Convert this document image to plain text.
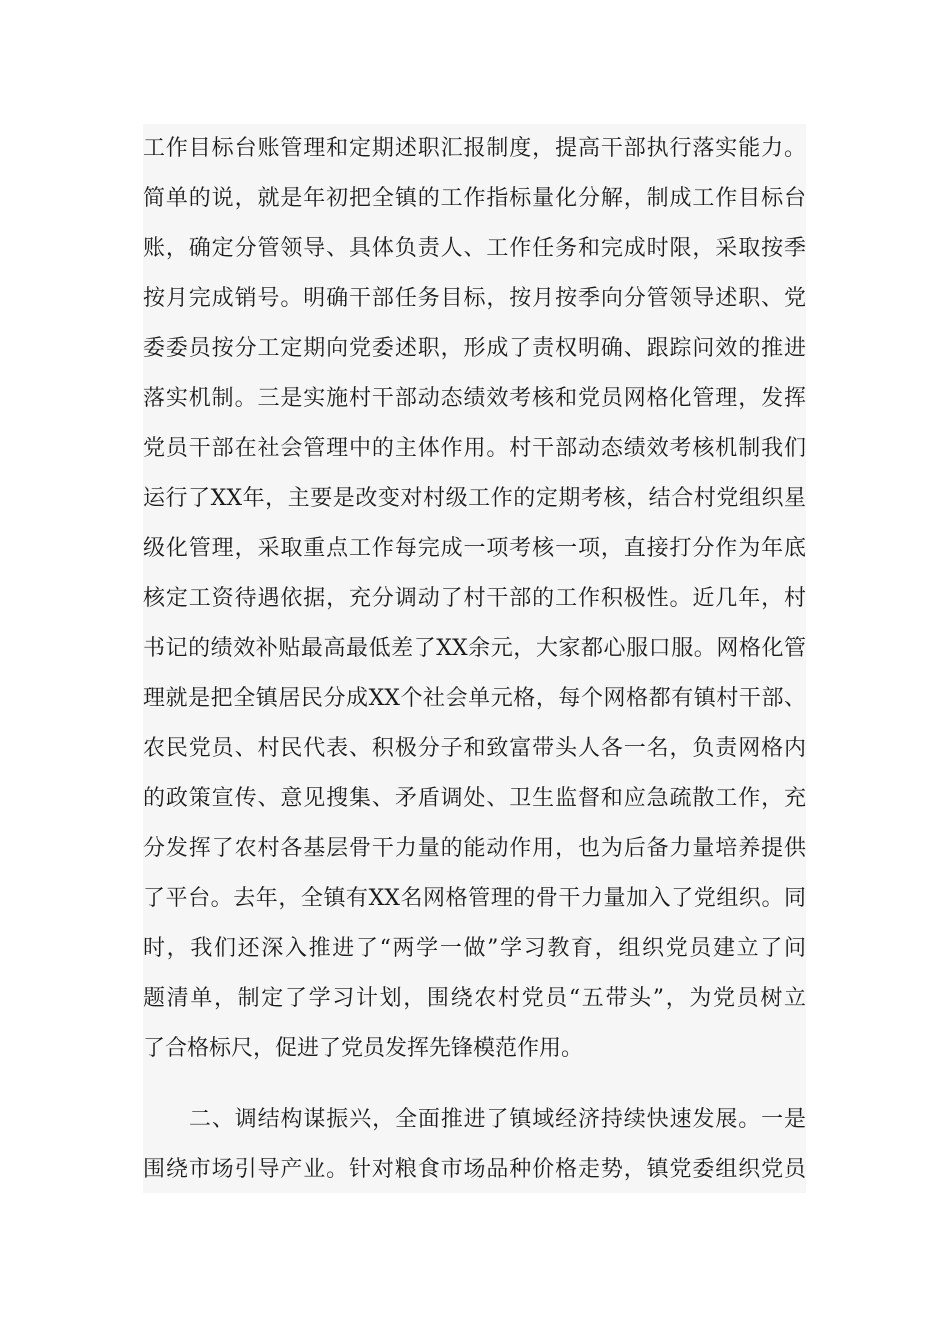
工作目标台账管理和定期述职汇报制度，提高干部执行落实能力。
简单的说，就是年初把全镇的工作指标量化分解，制成工作目标台
账，确定分管领导、具体负责人、工作任务和完成时限，采取按季
按月完成销号。明确干部任务目标，按月按季向分管领导述职、党
委委员按分工定期向党委述职，形成了责权明确、跟踪问效的推进
落实机制。三是实施村干部动态绩效考核和党员网格化管理，发挥
党员干部在社会管理中的主体作用。村干部动态绩效考核机制我们
运行了XX年，主要是改变对村级工作的定期考核，结合村党组织星
级化管理，采取重点工作每完成一项考核一项，直接打分作为年底
核定工资待遇依据，充分调动了村干部的工作积极性。近几年，村
书记的绩效补贴最高最低差了XX余元，大家都心服口服。网格化管
理就是把全镇居民分成XX个社会单元格，每个网格都有镇村干部、
农民党员、村民代表、积极分子和致富带头人各一名，负责网格内
的政策宣传、意见搜集、矛盾调处、卫生监督和应急疏散工作，充
分发挥了农村各基层骨干力量的能动作用，也为后备力量培养提供
了平台。去年，全镇有XX名网格管理的骨干力量加入了党组织。同
时，我们还深入推进了“两学一做”学习教育，组织党员建立了问
题清单，制定了学习计划，围绕农村党员“五带头”，为党员树立
了合格标尺，促进了党员发挥先锋模范作用。
二、调结构谋振兴，全面推进了镇域经济持续快速发展。一是
围绕市场引导产业。针对粮食市场品种价格走势，镇党委组织党员
